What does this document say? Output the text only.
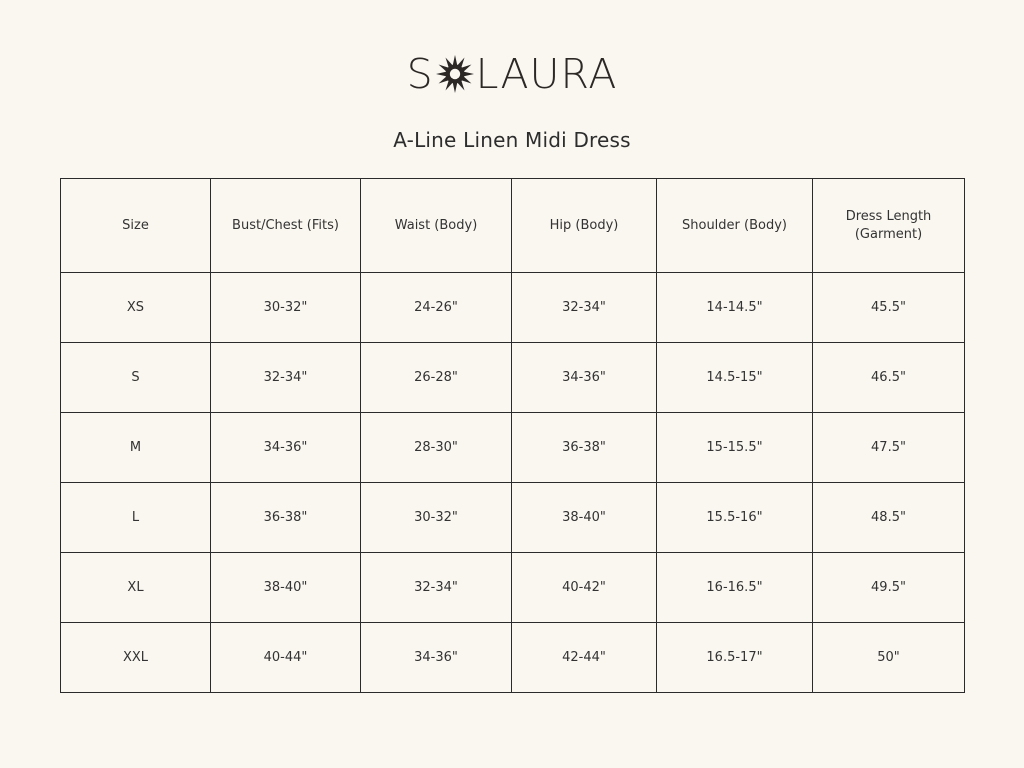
S LAURA
A-Line Linen Midi Dress
Size	Bust/Chest (Fits)	Waist (Body)	Hip (Body)	Shoulder (Body)	Dress Length (Garment)
XS	30-32"	24-26"	32-34"	14-14.5"	45.5"
S	32-34"	26-28"	34-36"	14.5-15"	46.5"
M	34-36"	28-30"	36-38"	15-15.5"	47.5"
L	36-38"	30-32"	38-40"	15.5-16"	48.5"
XL	38-40"	32-34"	40-42"	16-16.5"	49.5"
XXL	40-44"	34-36"	42-44"	16.5-17"	50"
